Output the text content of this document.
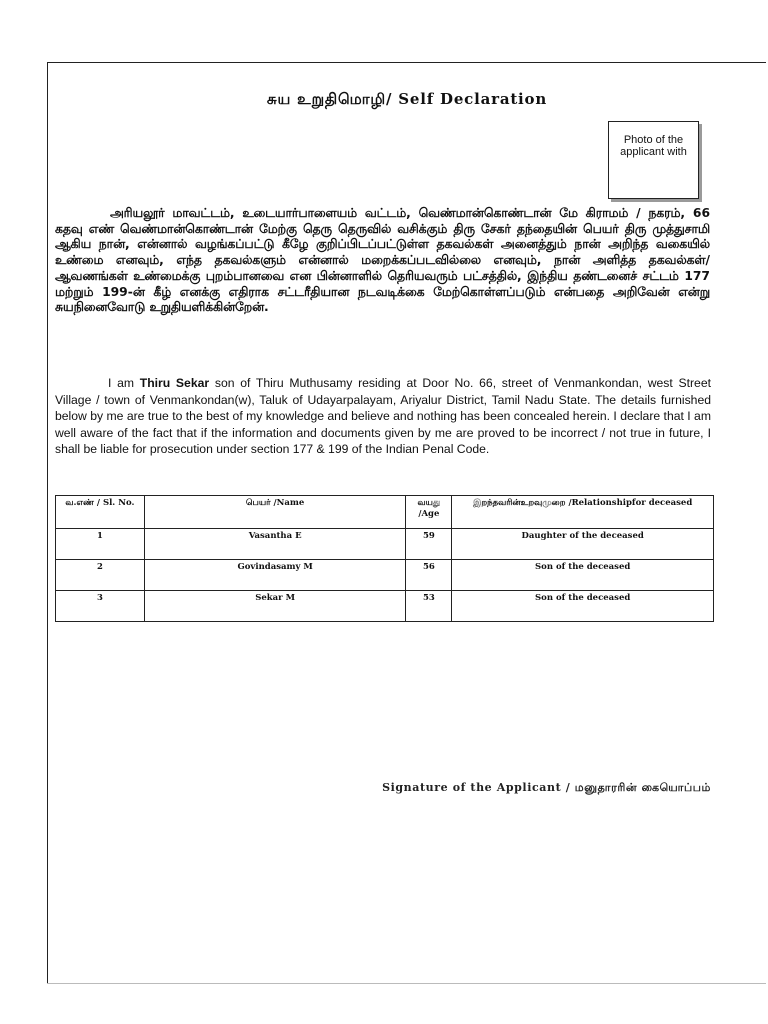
சுய உறுதிமொழி/ Self Declaration
Photo of the applicant with

அரியலூர் மாவட்டம், உடையார்பாளையம் வட்டம், வெண்மான்கொண்டான் மே கிராமம் / நகரம், 66 கதவு எண் வெண்மான்கொண்டான் மேற்கு தெரு தெருவில் வசிக்கும் திரு சேகர் தந்தையின் பெயர் திரு முத்துசாமி ஆகிய நான், என்னால் வழங்கப்பட்டு கீழே குறிப்பிடப்பட்டுள்ள தகவல்கள் அனைத்தும் நான் அறிந்த வகையில் உண்மை எனவும், எந்த தகவல்களும் என்னால் மறைக்கப்படவில்லை எனவும், நான் அளித்த தகவல்கள்/ ஆவணங்கள் உண்மைக்கு புறம்பானவை என பின்னாளில் தெரியவரும் பட்சத்தில், இந்திய தண்டனைச் சட்டம் 177 மற்றும் 199-ன் கீழ் எனக்கு எதிராக சட்டரீதியான நடவடிக்கை மேற்கொள்ளப்படும் என்பதை அறிவேன் என்று சுயநினைவோடு உறுதியளிக்கின்றேன்.

I am Thiru Sekar son of Thiru Muthusamy residing at Door No. 66, street of Venmankondan, west Street Village / town of Venmankondan(w), Taluk of Udayarpalayam, Ariyalur District, Tamil Nadu State. The details furnished below by me are true to the best of my knowledge and believe and nothing has been concealed herein. I declare that I am well aware of the fact that if the information and documents given by me are proved to be incorrect / not true in future, I shall be liable for prosecution under section 177 & 199 of the Indian Penal Code.

வ.எண் / Sl. No.	பெயர் /Name	வயது /Age	இறந்தவரின்உறவுமுறை /Relationshipfor deceased
1	Vasantha E	59	Daughter of the deceased
2	Govindasamy M	56	Son of the deceased
3	Sekar M	53	Son of the deceased
Signature of the Applicant / மனுதாரரின் கையொப்பம்
